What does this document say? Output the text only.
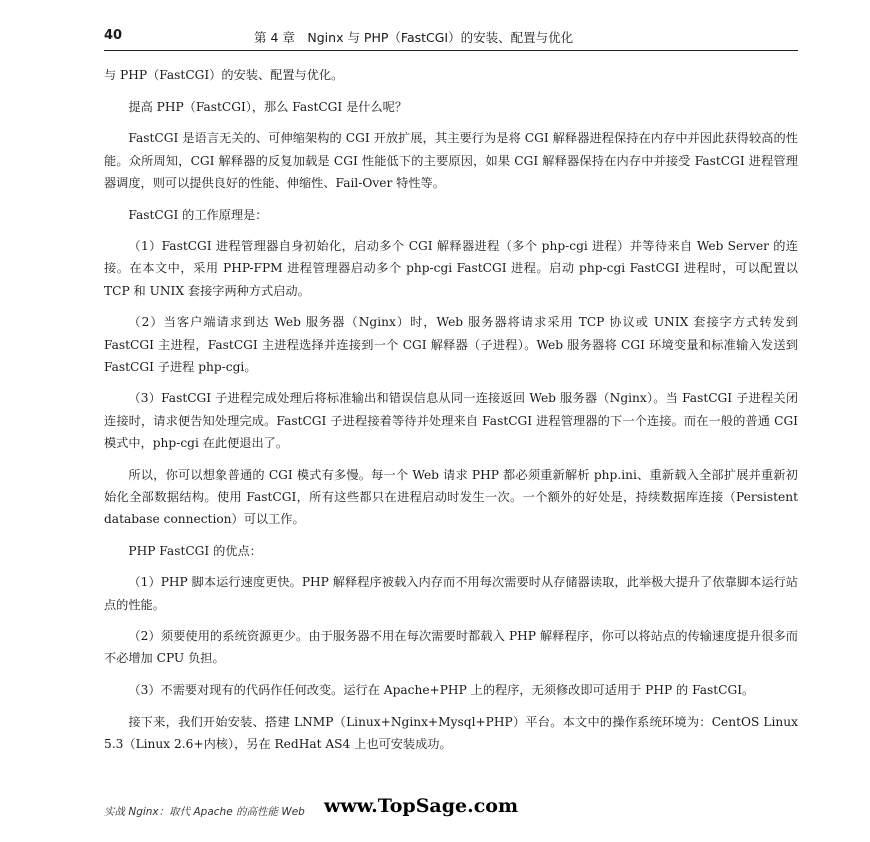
40	第 4 章　Nginx 与 PHP（FastCGI）的安装、配置与优化

与 PHP（FastCGI）的安装、配置与优化。

提高 PHP（FastCGI），那么 FastCGI 是什么呢？

FastCGI 是语言无关的、可伸缩架构的 CGI 开放扩展，其主要行为是将 CGI 解释器进程保持在内存中并因此获得较高的性能。众所周知，CGI 解释器的反复加载是 CGI 性能低下的主要原因，如果 CGI 解释器保持在内存中并接受 FastCGI 进程管理器调度，则可以提供良好的性能、伸缩性、Fail-Over 特性等。

FastCGI 的工作原理是：

（1）FastCGI 进程管理器自身初始化，启动多个 CGI 解释器进程（多个 php-cgi 进程）并等待来自 Web Server 的连接。在本文中，采用 PHP-FPM 进程管理器启动多个 php-cgi FastCGI 进程。启动 php-cgi FastCGI 进程时，可以配置以 TCP 和 UNIX 套接字两种方式启动。

（2）当客户端请求到达 Web 服务器（Nginx）时，Web 服务器将请求采用 TCP 协议或 UNIX 套接字方式转发到 FastCGI 主进程，FastCGI 主进程选择并连接到一个 CGI 解释器（子进程）。Web 服务器将 CGI 环境变量和标准输入发送到 FastCGI 子进程 php-cgi。

（3）FastCGI 子进程完成处理后将标准输出和错误信息从同一连接返回 Web 服务器（Nginx）。当 FastCGI 子进程关闭连接时，请求便告知处理完成。FastCGI 子进程接着等待并处理来自 FastCGI 进程管理器的下一个连接。而在一般的普通 CGI 模式中，php-cgi 在此便退出了。

所以，你可以想象普通的 CGI 模式有多慢。每一个 Web 请求 PHP 都必须重新解析 php.ini、重新载入全部扩展并重新初始化全部数据结构。使用 FastCGI，所有这些都只在进程启动时发生一次。一个额外的好处是，持续数据库连接（Persistent database connection）可以工作。

PHP FastCGI 的优点：

（1）PHP 脚本运行速度更快。PHP 解释程序被载入内存而不用每次需要时从存储器读取，此举极大提升了依靠脚本运行站点的性能。

（2）须要使用的系统资源更少。由于服务器不用在每次需要时都载入 PHP 解释程序，你可以将站点的传输速度提升很多而不必增加 CPU 负担。

（3）不需要对现有的代码作任何改变。运行在 Apache+PHP 上的程序，无须修改即可适用于 PHP 的 FastCGI。

接下来，我们开始安装、搭建 LNMP（Linux+Nginx+Mysql+PHP）平台。本文中的操作系统环境为：CentOS Linux 5.3（Linux 2.6+内核），另在 RedHat AS4 上也可安装成功。

实战 Nginx：取代 Apache 的高性能 Web www.TopSage.com
